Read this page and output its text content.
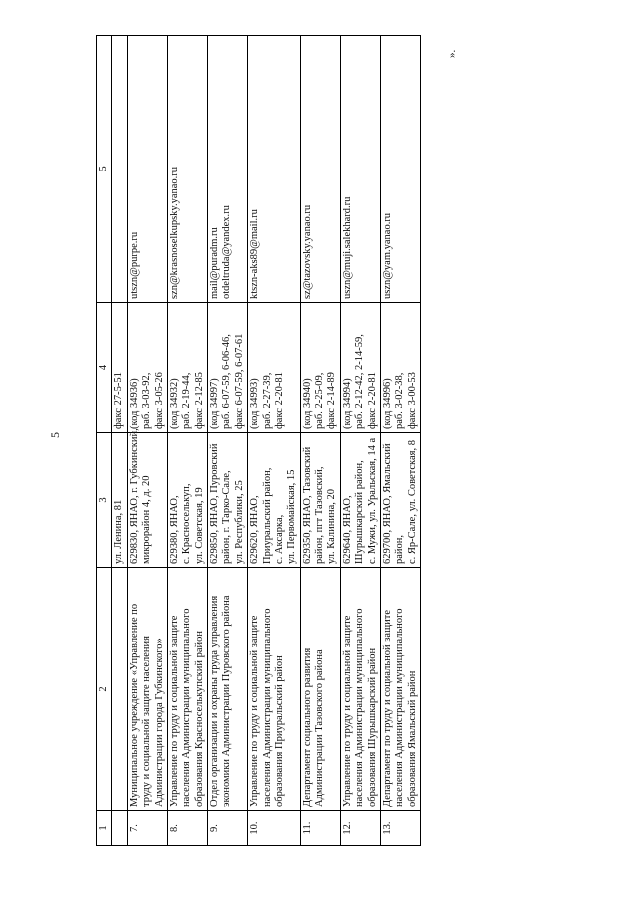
5
».
1	2	3	4	5
		ул. Ленина, 81	факс 27-5-51	
7.	Муниципальное учреждение «Управление по труду и социальной защите населения Администрации города Губкинского»	629830, ЯНАО, г. Губкинский, микрорайон 4, д. 20	(код 34936) раб. 3-03-92, факс 3-05-26	utszn@purpe.ru

8.	Управление по труду и социальной защите населения Администрации муниципального образования Красноселькупский район	629380, ЯНАО, с. Красноселькуп, ул. Советская, 19	(код 34932) раб. 2-19-44, факс 2-12-85	szn@krasnoselkupsky.yanao.ru

9.	Отдел организации и охраны труда управления экономики Администрации Пуровского района	629850, ЯНАО, Пуровский район, г. Тарко-Сале, ул. Республики, 25	(код 34997) раб. 6-07-59, 6-06-46, факс 6-07-59, 6-07-61	mail@puradm.ru otdeltruda@yandex.ru

10.	Управление по труду и социальной защите населения Администрации муниципального образования Приуральский район	629620, ЯНАО, Приуральский район, с. Аксарка, ул. Первомайская, 15	(код 34993) раб. 2-27-39, факс 2-20-81	ktszn-aks89@mail.ru

11.	Департамент социального развития Администрации Тазовского района	629350, ЯНАО, Тазовский район, пгт Тазовский, ул. Калинина, 20	(код 34940) раб. 2-25-09, факс 2-14-89	sz@tazovsky.yanao.ru

12.	Управление по труду и социальной защите населения Администрации муниципального образования Шурышкарский район	629640, ЯНАО, Шурышкарский район, с. Мужи, ул. Уральская, 14 а	(код 34994) раб. 2-12-42, 2-14-59, факс 2-20-81	uszn@muji.salekhard.ru

13.	Департамент по труду и социальной защите населения Администрации муниципального образования Ямальский район	629700, ЯНАО, Ямальский район, с. Яр-Сале, ул. Советская, 8	(код 34996) раб. 3-02-38, факс 3-00-53	uszn@yam.yanao.ru
